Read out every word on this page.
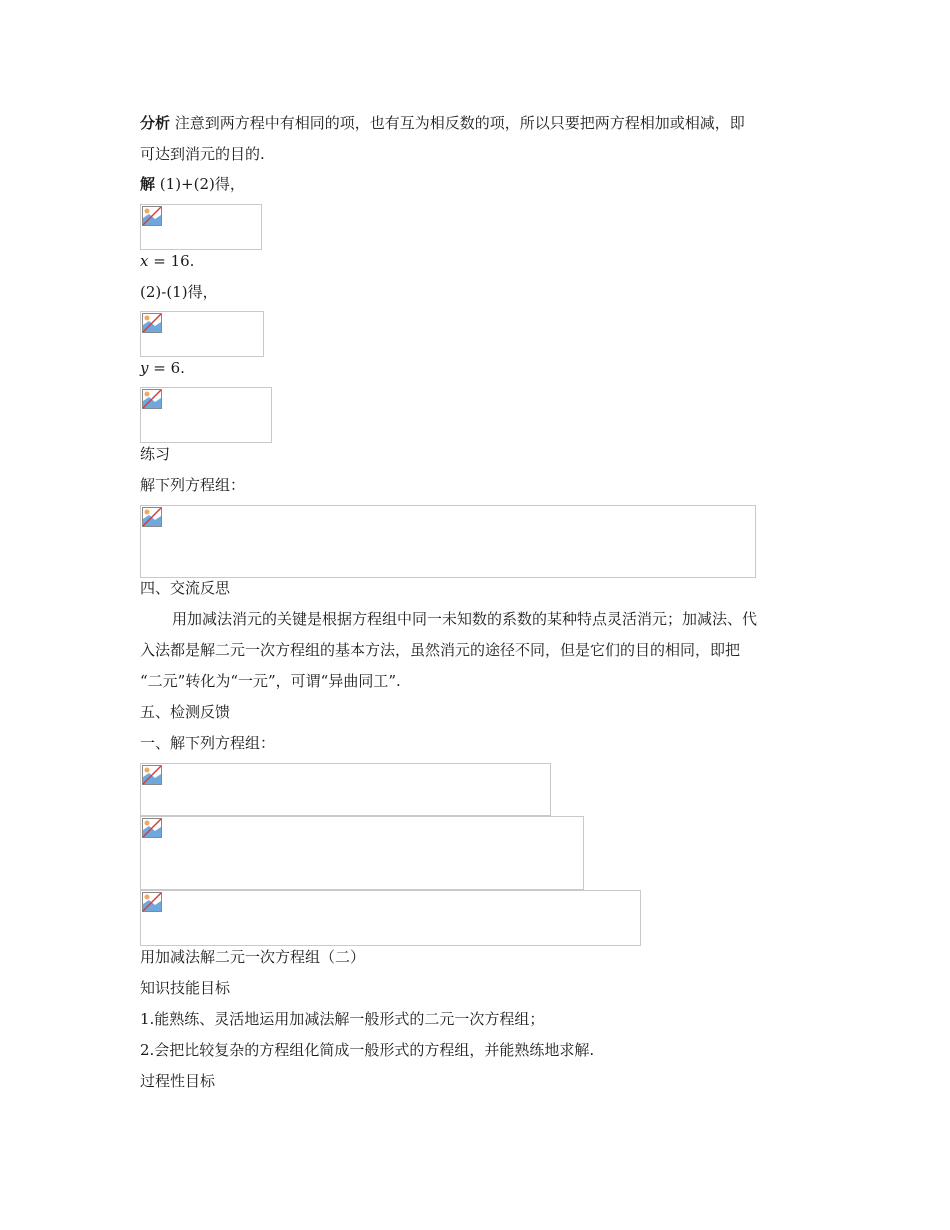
分析 注意到两方程中有相同的项，也有互为相反数的项，所以只要把两方程相加或相减，即
可达到消元的目的.
解 (1)+(2)得，
x = 16.
(2)-(1)得，
y = 6.
练习
解下列方程组：
四、交流反思
用加减法消元的关键是根据方程组中同一未知数的系数的某种特点灵活消元；加减法、代
入法都是解二元一次方程组的基本方法，虽然消元的途径不同，但是它们的目的相同，即把
“二元”转化为“一元”，可谓“异曲同工”.
五、检测反馈
一、解下列方程组：
用加减法解二元一次方程组（二）
知识技能目标
1.能熟练、灵活地运用加减法解一般形式的二元一次方程组；
2.会把比较复杂的方程组化简成一般形式的方程组，并能熟练地求解.
过程性目标
